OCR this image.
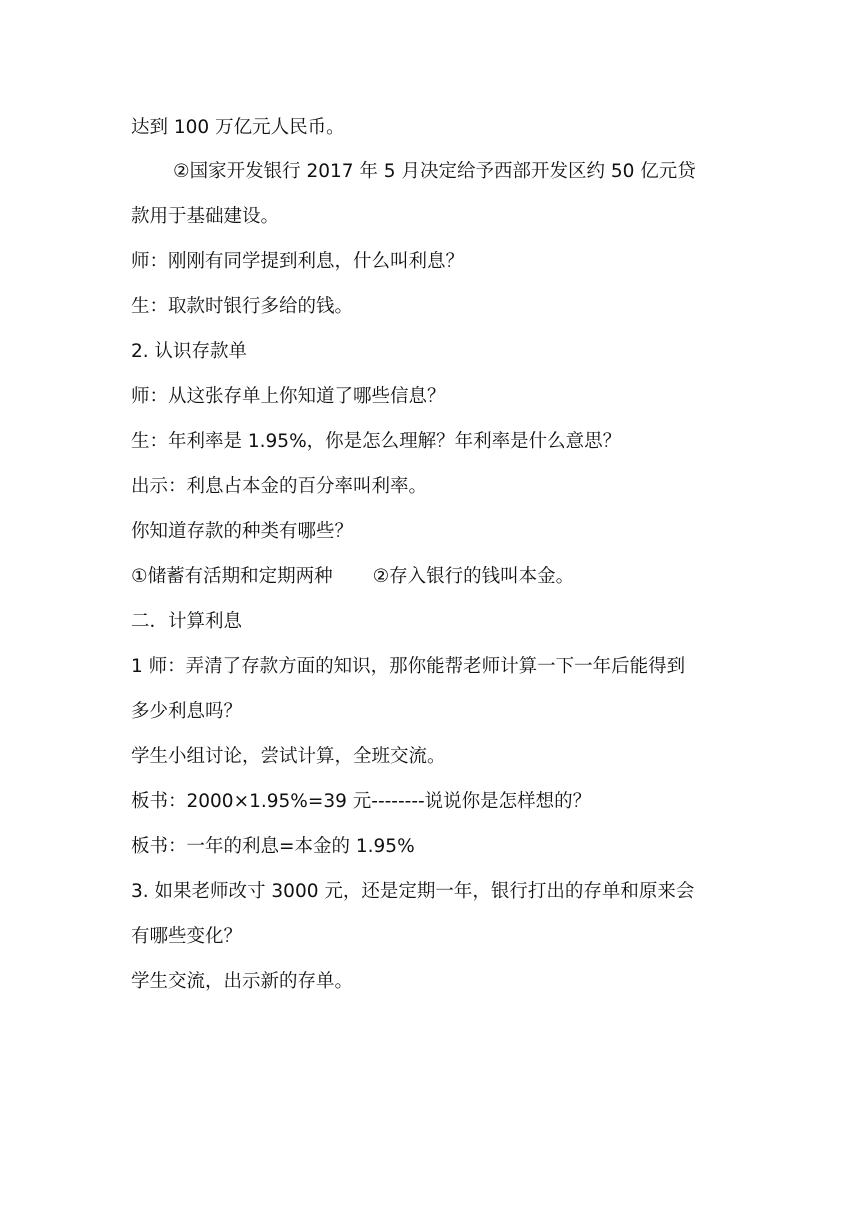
达到 100 万亿元人民币。
②国家开发银行 2017 年 5 月决定给予西部开发区约 50 亿元贷
款用于基础建设。
师：刚刚有同学提到利息，什么叫利息？
生：取款时银行多给的钱。
2. 认识存款单
师：从这张存单上你知道了哪些信息？
生：年利率是 1.95%，你是怎么理解？年利率是什么意思？
出示：利息占本金的百分率叫利率。
你知道存款的种类有哪些？
①储蓄有活期和定期两种 ②存入银行的钱叫本金。
二．计算利息
1 师：弄清了存款方面的知识，那你能帮老师计算一下一年后能得到
多少利息吗？
学生小组讨论，尝试计算，全班交流。
板书：2000×1.95%=39 元--------说说你是怎样想的？
板书：一年的利息=本金的 1.95%
3. 如果老师改寸 3000 元，还是定期一年，银行打出的存单和原来会
有哪些变化？
学生交流，出示新的存单。
